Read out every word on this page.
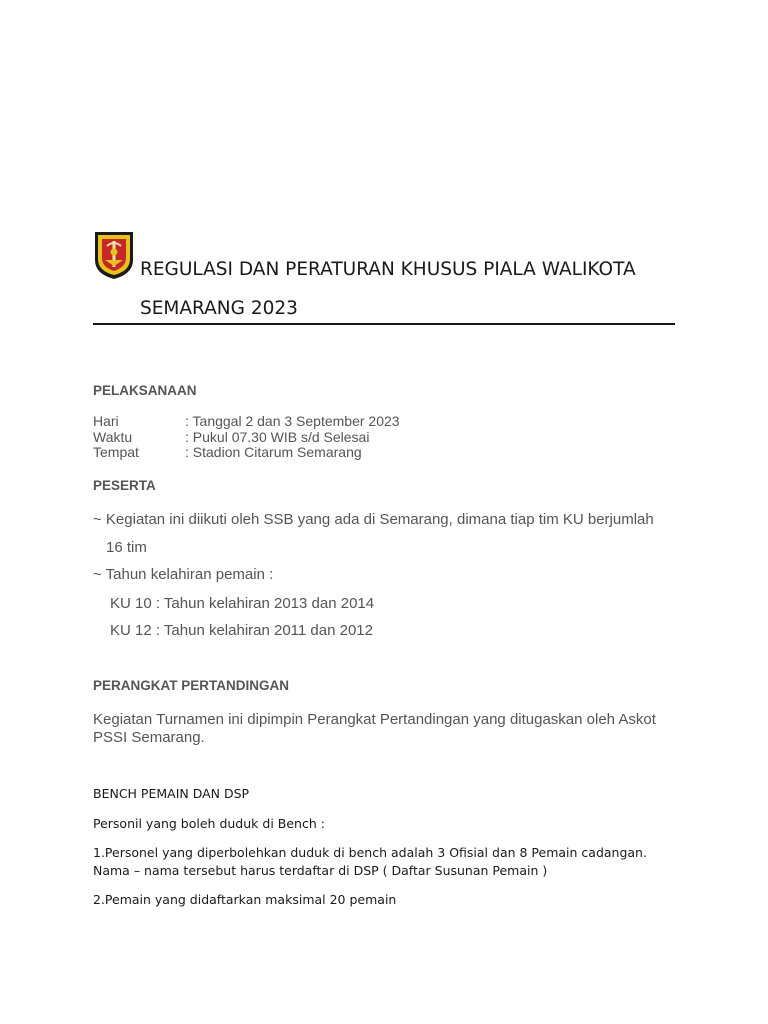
REGULASI DAN PERATURAN KHUSUS PIALA WALIKOTA
SEMARANG 2023
PELAKSANAAN
Hari	: Tanggal 2 dan 3 September 2023
Waktu	: Pukul 07.30 WIB s/d Selesai
Tempat	: Stadion Citarum Semarang
PESERTA
~ Kegiatan ini diikuti oleh SSB yang ada di Semarang, dimana tiap tim KU berjumlah
16 tim
~ Tahun kelahiran pemain :
KU 10 : Tahun kelahiran 2013 dan 2014
KU 12 : Tahun kelahiran 2011 dan 2012
PERANGKAT PERTANDINGAN
Kegiatan Turnamen ini dipimpin Perangkat Pertandingan yang ditugaskan oleh Askot PSSI Semarang.
BENCH PEMAIN DAN DSP
Personil yang boleh duduk di Bench :
1.Personel yang diperbolehkan duduk di bench adalah 3 Ofisial dan 8 Pemain cadangan.
Nama – nama tersebut harus terdaftar di DSP ( Daftar Susunan Pemain )
2.Pemain yang didaftarkan maksimal 20 pemain
